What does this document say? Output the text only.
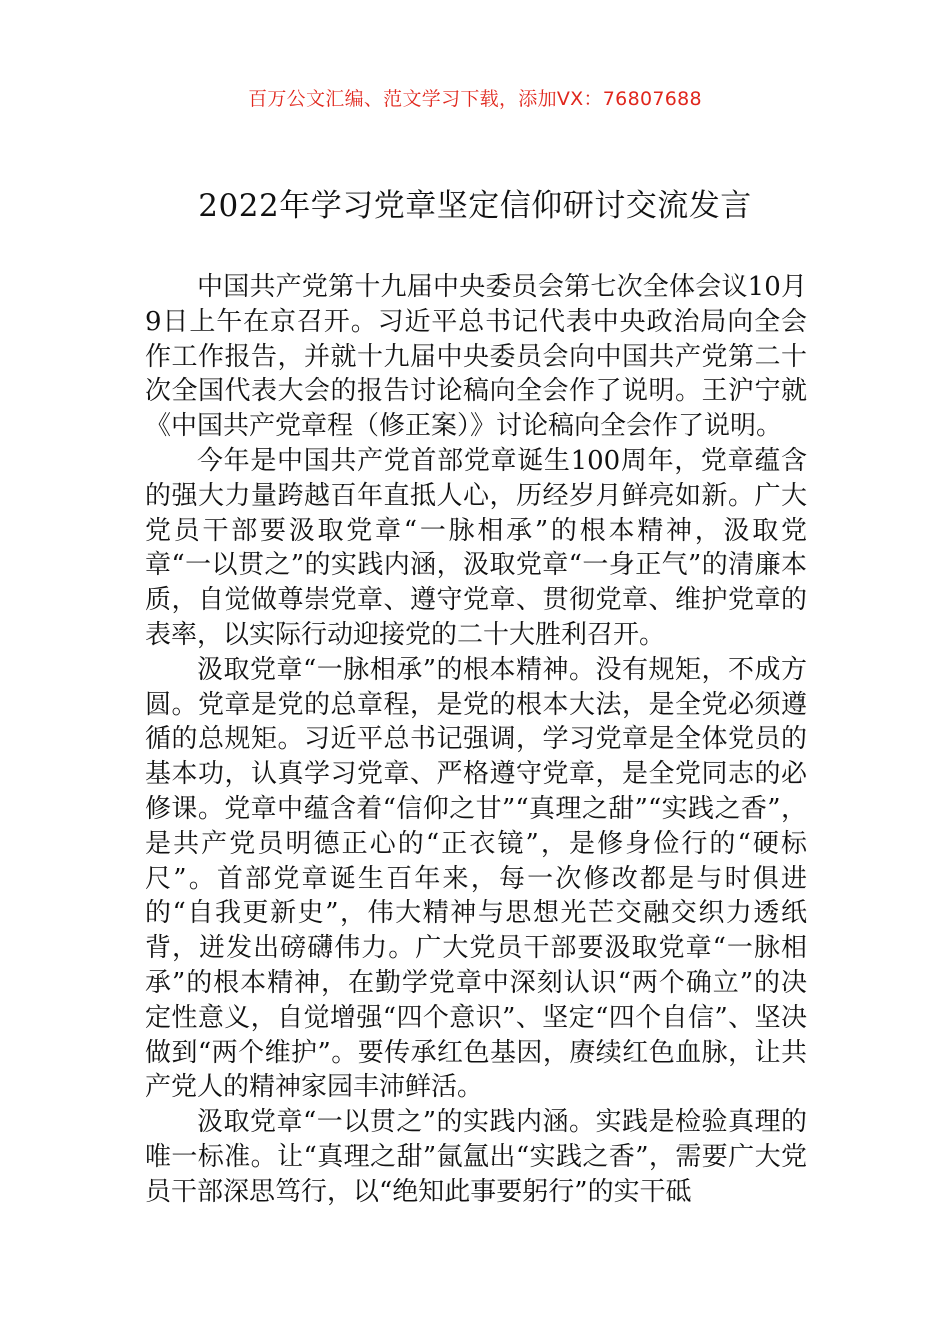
百万公文汇编、范文学习下载，添加VX：76807688
2022年学习党章坚定信仰研讨交流发言

中国共产党第十九届中央委员会第七次全体会议10月9日上午在京召开。习近平总书记代表中央政治局向全会作工作报告，并就十九届中央委员会向中国共产党第二十次全国代表大会的报告讨论稿向全会作了说明。王沪宁就《中国共产党章程（修正案）》讨论稿向全会作了说明。

今年是中国共产党首部党章诞生100周年，党章蕴含的强大力量跨越百年直抵人心，历经岁月鲜亮如新。广大党员干部要汲取党章“一脉相承”的根本精神，汲取党章“一以贯之”的实践内涵，汲取党章“一身正气”的清廉本质，自觉做尊崇党章、遵守党章、贯彻党章、维护党章的表率，以实际行动迎接党的二十大胜利召开。

汲取党章“一脉相承”的根本精神。没有规矩，不成方圆。党章是党的总章程，是党的根本大法，是全党必须遵循的总规矩。习近平总书记强调，学习党章是全体党员的基本功，认真学习党章、严格遵守党章，是全党同志的必修课。党章中蕴含着“信仰之甘”“真理之甜”“实践之香”，是共产党员明德正心的“正衣镜”，是修身俭行的“硬标尺”。首部党章诞生百年来，每一次修改都是与时俱进的“自我更新史”，伟大精神与思想光芒交融交织力透纸背，迸发出磅礴伟力。广大党员干部要汲取党章“一脉相承”的根本精神，在勤学党章中深刻认识“两个确立”的决定性意义，自觉增强“四个意识”、坚定“四个自信”、坚决做到“两个维护”。要传承红色基因，赓续红色血脉，让共产党人的精神家园丰沛鲜活。

汲取党章“一以贯之”的实践内涵。实践是检验真理的唯一标准。让“真理之甜”氤氲出“实践之香”，需要广大党员干部深思笃行，以“绝知此事要躬行”的实干砥
